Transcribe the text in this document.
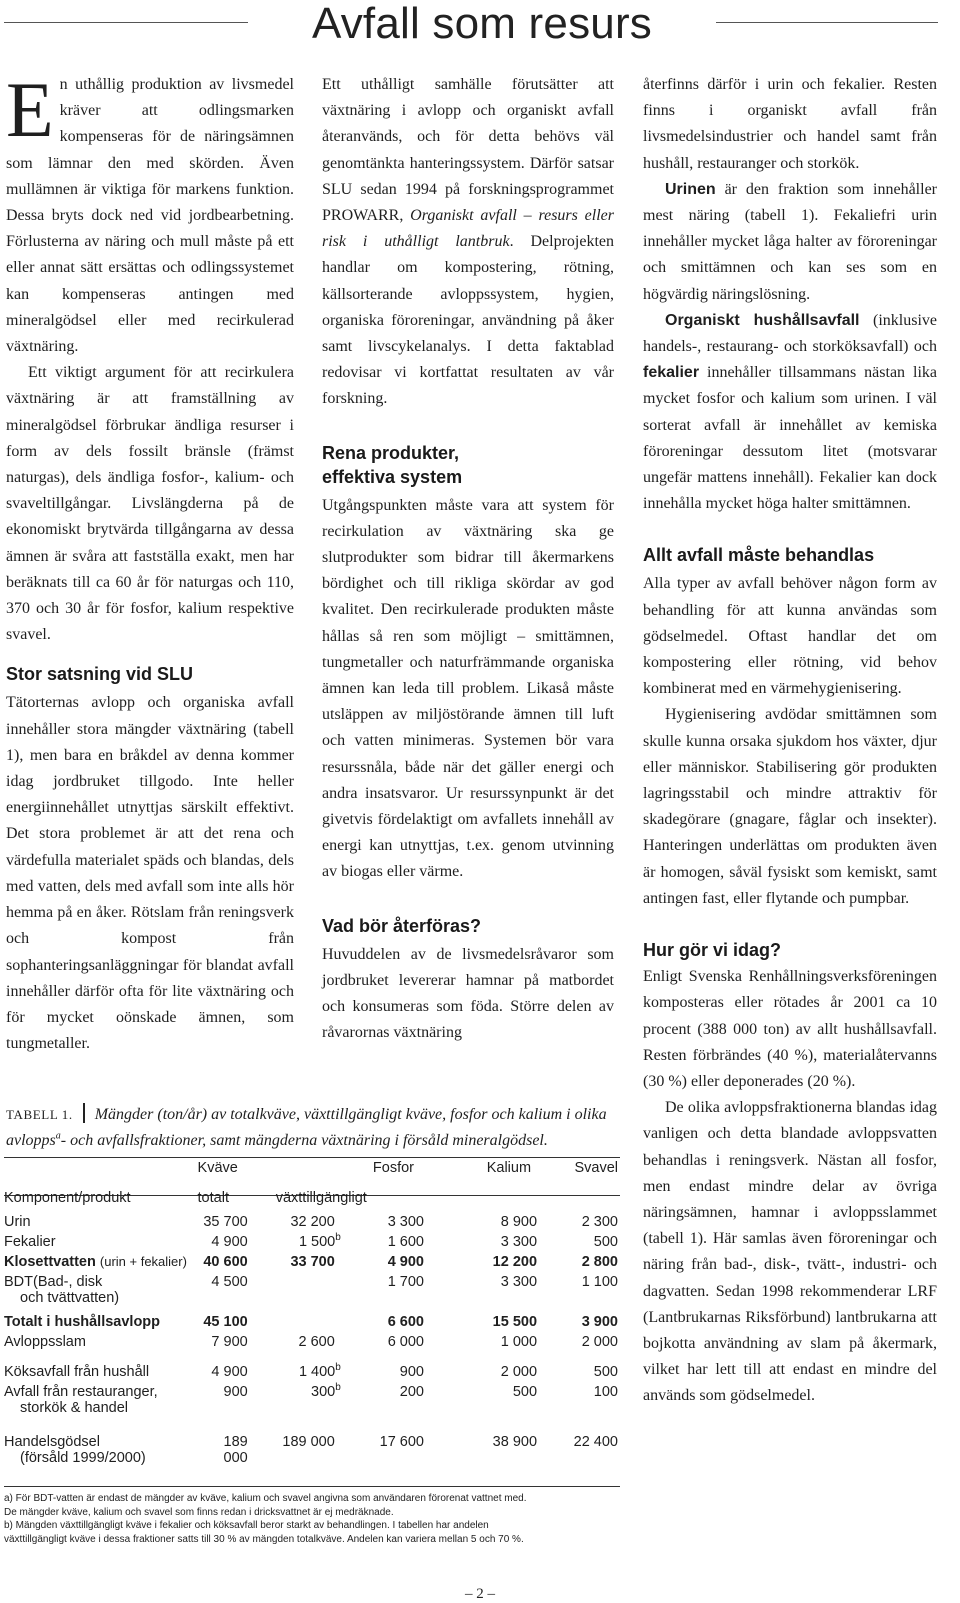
Avfall som resurs

En uthållig produktion av livsmedel kräver att odlingsmarken kompenseras för de näringsämnen som lämnar den med skörden. Även mullämnen är viktiga för markens funktion. Dessa bryts dock ned vid jordbearbetning. Förlusterna av näring och mull måste på ett eller annat sätt ersättas och odlingssystemet kan kompenseras antingen med mineralgödsel eller med recirkulerad växtnäring.

Ett viktigt argument för att recirkulera växtnäring är att framställning av mineralgödsel förbrukar ändliga resurser i form av dels fossilt bränsle (främst naturgas), dels ändliga fosfor-, kalium- och svaveltillgångar. Livslängderna på de ekonomiskt brytvärda tillgångarna av dessa ämnen är svåra att fastställa exakt, men har beräknats till ca 60 år för naturgas och 110, 370 och 30 år för fosfor, kalium respektive svavel.

Stor satsning vid SLU

Tätorternas avlopp och organiska avfall innehåller stora mängder växtnäring (tabell 1), men bara en bråkdel av denna kommer idag jordbruket tillgodo. Inte heller energiinnehållet utnyttjas särskilt effektivt. Det stora problemet är att det rena och värdefulla materialet späds och blandas, dels med vatten, dels med avfall som inte alls hör hemma på en åker. Rötslam från reningsverk och kompost från sophanteringsanläggningar för blandat avfall innehåller därför ofta för lite växtnäring och för mycket oönskade ämnen, som tungmetaller.

Ett uthålligt samhälle förutsätter att växtnäring i avlopp och organiskt avfall återanvänds, och för detta behövs väl genomtänkta hanteringssystem. Därför satsar SLU sedan 1994 på forskningsprogrammet PROWARR, Organiskt avfall – resurs eller risk i uthålligt lantbruk. Delprojekten handlar om kompostering, rötning, källsorterande avloppssystem, hygien, organiska föroreningar, användning på åker samt livscykelanalys. I detta faktablad redovisar vi kortfattat resultaten av vår forskning.

Rena produkter,
effektiva system

Utgångspunkten måste vara att system för recirkulation av växtnäring ska ge slutprodukter som bidrar till åkermarkens bördighet och till rikliga skördar av god kvalitet. Den recirkulerade produkten måste hållas så ren som möjligt – smittämnen, tungmetaller och naturfrämmande organiska ämnen kan leda till problem. Likaså måste utsläppen av miljöstörande ämnen till luft och vatten minimeras. Systemen bör vara resurssnåla, både när det gäller energi och andra insatsvaror. Ur resurssynpunkt är det givetvis fördelaktigt om avfallets innehåll av energi kan utnyttjas, t.ex. genom utvinning av biogas eller värme.

Vad bör återföras?

Huvuddelen av de livsmedelsråvaror som jordbruket levererar hamnar på matbordet och konsumeras som föda. Större delen av råvarornas växtnäring

återfinns därför i urin och fekalier. Resten finns i organiskt avfall från livsmedelsindustrier och handel samt från hushåll, restauranger och storkök.

Urinen är den fraktion som innehåller mest näring (tabell 1). Fekaliefri urin innehåller mycket låga halter av föroreningar och smittämnen och kan ses som en högvärdig näringslösning.

Organiskt hushållsavfall (inklusive handels-, restaurang- och storköksavfall) och fekalier innehåller tillsammans nästan lika mycket fosfor och kalium som urinen. I väl sorterat avfall är innehållet av kemiska föroreningar dessutom litet (motsvarar ungefär mattens innehåll). Fekalier kan dock innehålla mycket höga halter smittämnen.

Allt avfall måste behandlas

Alla typer av avfall behöver någon form av behandling för att kunna användas som gödselmedel. Oftast handlar det om kompostering eller rötning, vid behov kombinerat med en värmehygienisering.

Hygienisering avdödar smittämnen som skulle kunna orsaka sjukdom hos växter, djur eller människor. Stabilisering gör produkten lagringsstabil och mindre attraktiv för skadegörare (gnagare, fåglar och insekter). Hanteringen underlättas om produkten även är homogen, såväl fysiskt som kemiskt, samt antingen fast, eller flytande och pumpbar.

Hur gör vi idag?

Enligt Svenska Renhållningsverksföreningen komposteras eller rötades år 2001 ca 10 procent (388 000 ton) av allt hushållsavfall. Resten förbrändes (40 %), materialåtervanns (30 %) eller deponerades (20 %).

De olika avloppsfraktionerna blandas idag vanligen och detta blandade avloppsvatten behandlas i reningsverk. Nästan all fosfor, men endast mindre delar av övriga näringsämnen, hamnar i avloppsslammet (tabell 1). Här samlas även föroreningar och näring från bad-, disk-, tvätt-, industri- och dagvatten. Sedan 1998 rekommenderar LRF (Lantbrukarnas Riksförbund) lantbrukarna att bojkotta användning av slam på åkermark, vilket har lett till att endast en mindre del används som gödselmedel.

TABELL 1. Mängder (ton/år) av totalkväve, växttillgängligt kväve, fosfor och kalium i olika avlopps$^a$- och avfallsfraktioner, samt mängderna växtnäring i försåld mineralgödsel.
	Kväve		Fosfor	Kalium	Svavel
Komponent/produkt	totalt	växttillgängligt			
Urin	35 700	32 200	3 300	8 900	2 300
Fekalier	4 900	1 500$^b$	1 600	3 300	500
Klosettvatten (urin + fekalier)	40 600	33 700	4 900	12 200	2 800
BDT(Bad-, disk
och tvättvatten)	4 500		1 700	3 300	1 100
Totalt i hushållsavlopp	45 100		6 600	15 500	3 900
Avloppsslam	7 900	2 600	6 000	1 000	2 000

Köksavfall från hushåll	4 900	1 400$^b$	900	2 000	500
Avfall från restauranger,
storkök & handel	900	300$^b$	200	500	100

Handelsgödsel
(försåld 1999/2000)	189 000	189 000	17 600	38 900	22 400
a) För BDT-vatten är endast de mängder av kväve, kalium och svavel angivna som användaren förorenat vattnet med.
De mängder kväve, kalium och svavel som finns redan i dricksvattnet är ej medräknade.
b) Mängden växttillgängligt kväve i fekalier och köksavfall beror starkt av behandlingen. I tabellen har andelen
växttillgängligt kväve i dessa fraktioner satts till 30 % av mängden totalkväve. Andelen kan variera mellan 5 och 70 %.
– 2 –
